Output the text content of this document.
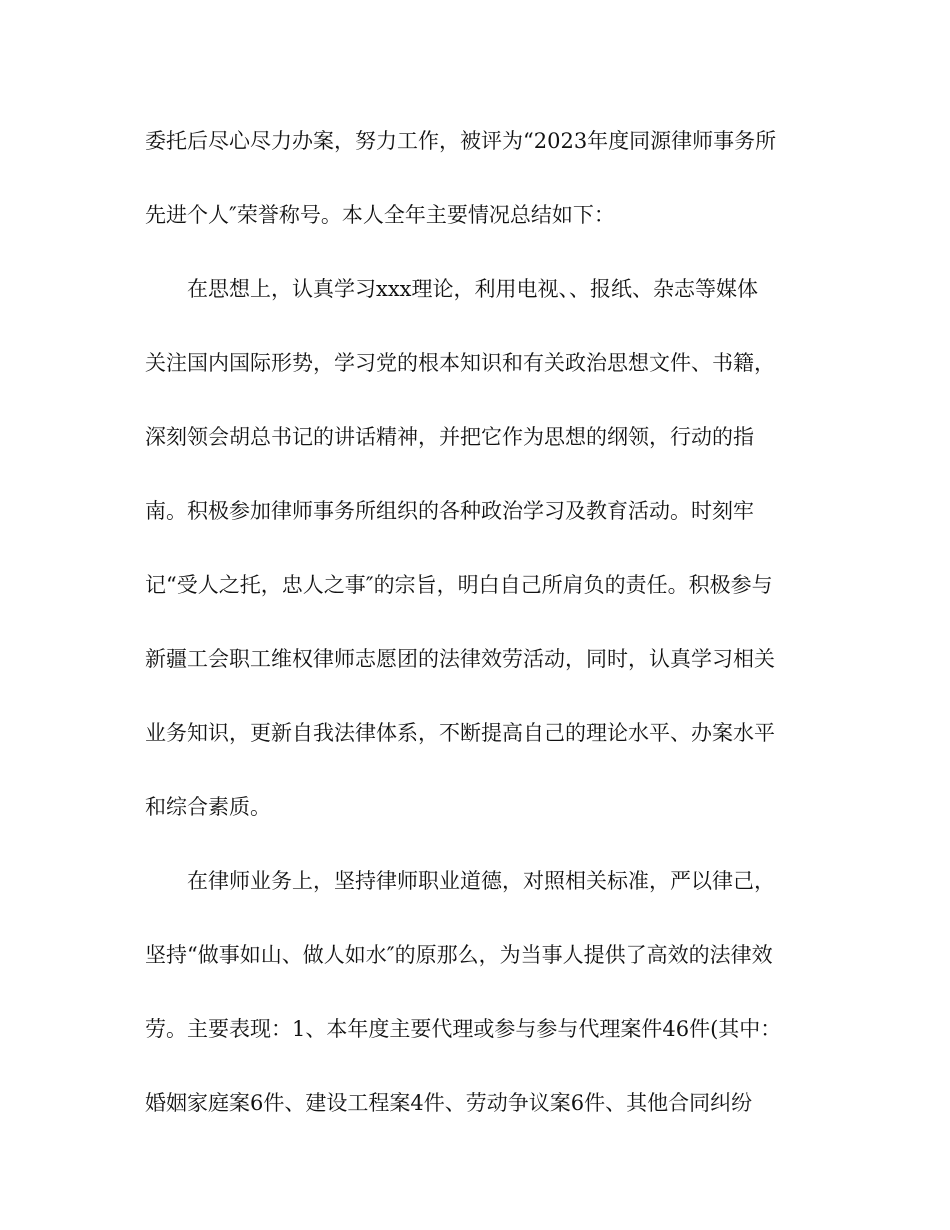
委托后尽心尽力办案，努力工作，被评为“2023年度同源律师事务所

先进个人″荣誉称号。本人全年主要情况总结如下：

在思想上，认真学习xxx理论，利用电视、、报纸、杂志等媒体

关注国内国际形势，学习党的根本知识和有关政治思想文件、书籍，

深刻领会胡总书记的讲话精神，并把它作为思想的纲领，行动的指

南。积极参加律师事务所组织的各种政治学习及教育活动。时刻牢

记“受人之托，忠人之事″的宗旨，明白自己所肩负的责任。积极参与

新疆工会职工维权律师志愿团的法律效劳活动，同时，认真学习相关

业务知识，更新自我法律体系，不断提高自己的理论水平、办案水平

和综合素质。

在律师业务上，坚持律师职业道德，对照相关标准，严以律己，

坚持“做事如山、做人如水″的原那么，为当事人提供了高效的法律效

劳。主要表现：1、本年度主要代理或参与参与代理案件46件(其中：

婚姻家庭案6件、建设工程案4件、劳动争议案6件、其他合同纠纷
